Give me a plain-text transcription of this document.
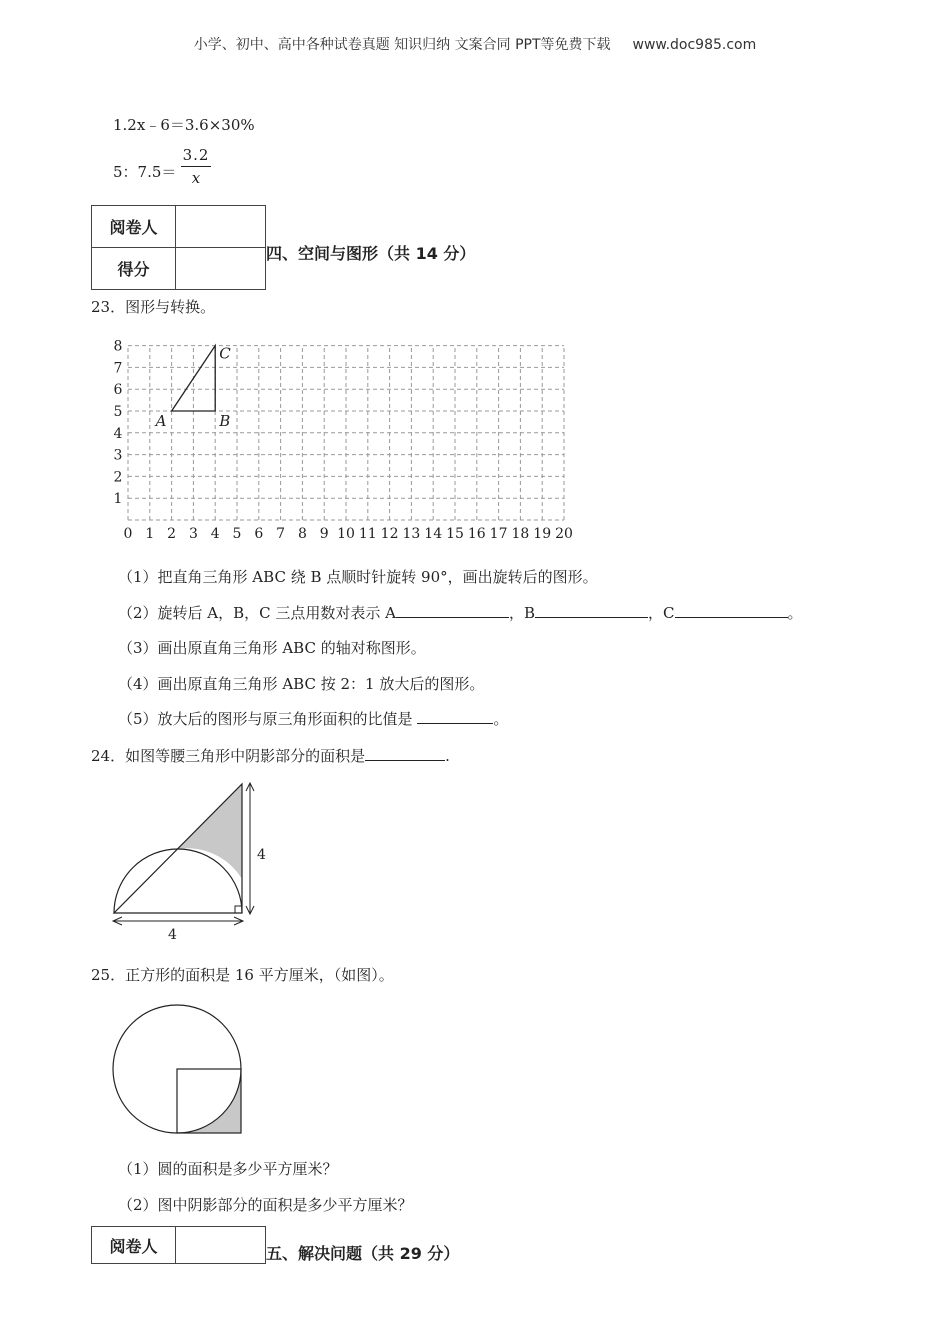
小学、初中、高中各种试卷真题 知识归纳 文案合同 PPT等免费下载 www.doc985.com
1.2x﹣6＝3.6×30%
5：7.5＝
3.2
x
阅卷人	
得分	
四、空间与图形（共 14 分）
23．图形与转换。
0 1 2 3 4 5 6 7 8 9 10 11 12 13 14 15 16 17 18 19 20
1
2
3
4
5
6
7
8
A	B
C
（1）把直角三角形 ABC 绕 B 点顺时针旋转 90°，画出旋转后的图形。
（2）旋转后 A，B，C 三点用数对表示 A	，B	，C	。
（3）画出原直角三角形 ABC 的轴对称图形。
（4）画出原直角三角形 ABC 按 2：1 放大后的图形。
（5）放大后的图形与原三角形面积的比值是	。
24．如图等腰三角形中阴影部分的面积是	.
4
4
25．正方形的面积是 16 平方厘米，（如图）。
（1）圆的面积是多少平方厘米？
（2）图中阴影部分的面积是多少平方厘米？
阅卷人		五、解决问题（共 29 分）
